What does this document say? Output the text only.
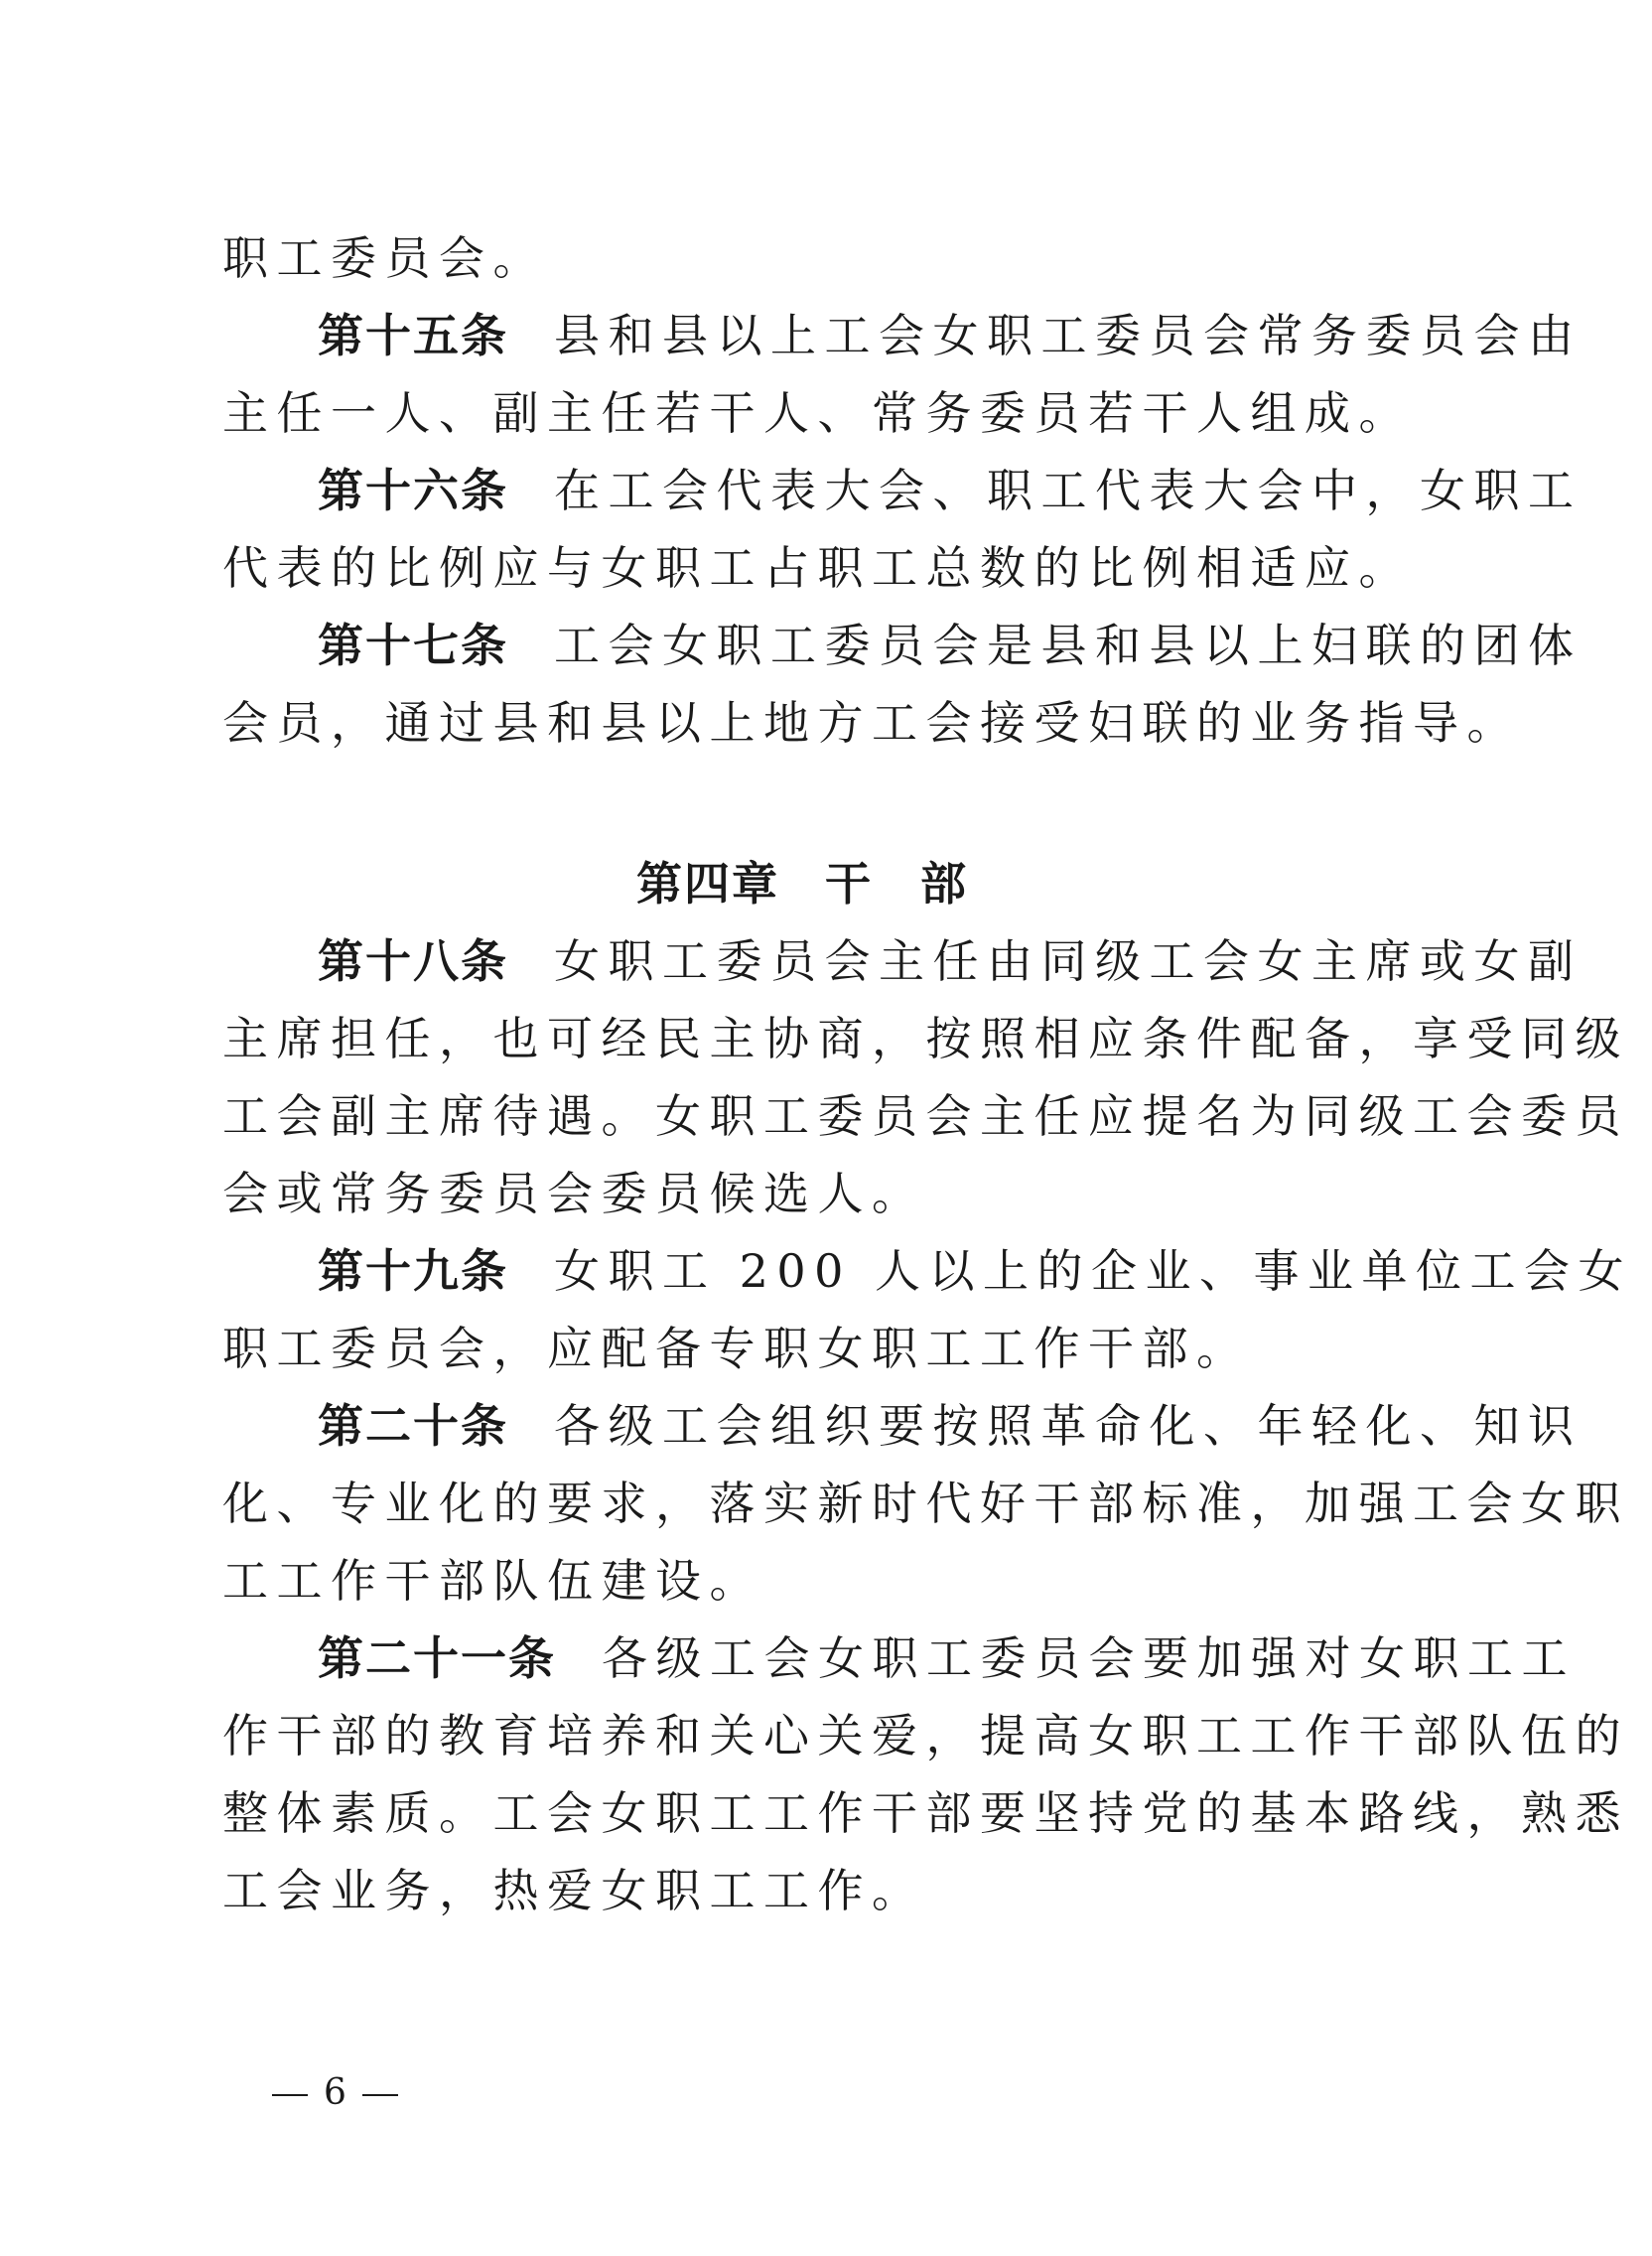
职工委员会。
第十五条 县和县以上工会女职工委员会常务委员会由
主任一人、副主任若干人、常务委员若干人组成。
第十六条 在工会代表大会、职工代表大会中，女职工
代表的比例应与女职工占职工总数的比例相适应。
第十七条 工会女职工委员会是县和县以上妇联的团体
会员，通过县和县以上地方工会接受妇联的业务指导。
第四章 干部
第十八条 女职工委员会主任由同级工会女主席或女副
主席担任，也可经民主协商，按照相应条件配备，享受同级
工会副主席待遇。女职工委员会主任应提名为同级工会委员
会或常务委员会委员候选人。
第十九条 女职工 200 人以上的企业、事业单位工会女
职工委员会，应配备专职女职工工作干部。
第二十条 各级工会组织要按照革命化、年轻化、知识
化、专业化的要求，落实新时代好干部标准，加强工会女职
工工作干部队伍建设。
第二十一条 各级工会女职工委员会要加强对女职工工
作干部的教育培养和关心关爱，提高女职工工作干部队伍的
整体素质。工会女职工工作干部要坚持党的基本路线，熟悉
工会业务，热爱女职工工作。
6
